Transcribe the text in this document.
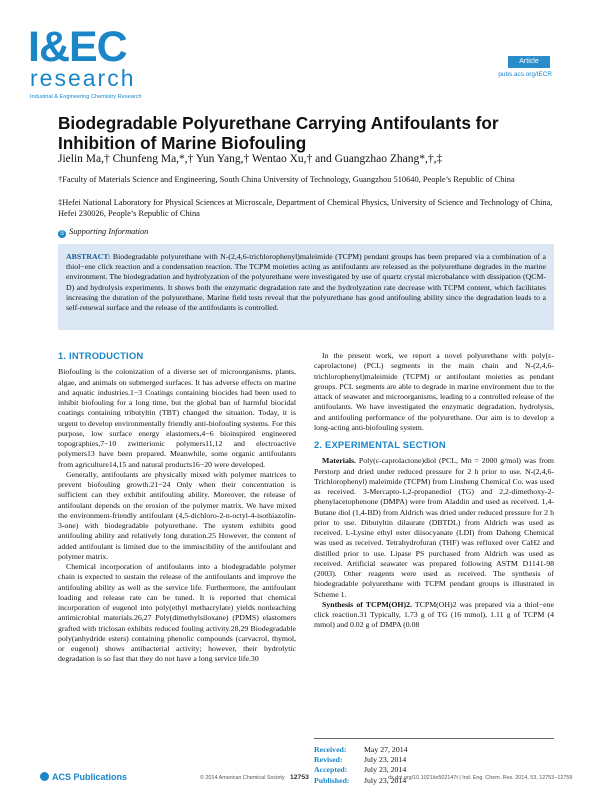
I&EC
research
Industrial & Engineering Chemistry Research
Article
pubs.acs.org/IECR
Biodegradable Polyurethane Carrying Antifoulants for Inhibition of Marine Biofouling
Jielin Ma,† Chunfeng Ma,*,† Yun Yang,† Wentao Xu,† and Guangzhao Zhang*,†,‡
†Faculty of Materials Science and Engineering, South China University of Technology, Guangzhou 510640, People’s Republic of China
‡Hefei National Laboratory for Physical Sciences at Microscale, Department of Chemical Physics, University of Science and Technology of China, Hefei 230026, People’s Republic of China
S Supporting Information
ABSTRACT: Biodegradable polyurethane with N-(2,4,6-trichlorophenyl)maleimide (TCPM) pendant groups has been prepared via a combination of a thiol−ene click reaction and a condensation reaction. The TCPM moieties acting as antifoulants are released as the polyurethane degrades in the marine environment. The biodegradation and hydrolyzation of the polyurethane were investigated by use of quartz crystal microbalance with dissipation (QCM-D) and hydrolysis experiments. It shows both the enzymatic degradation rate and the hydrolyzation rate decrease with TCPM content, which facilitates increasing the duration of the polyurethane. Marine field tests reveal that the polyurethane has good antifouling ability since the degradation leads to a self-renewal surface and the release of the antifoulants is controlled.
1. INTRODUCTION

Biofouling is the colonization of a diverse set of microorganisms, plants, algae, and animals on submerged surfaces. It has adverse effects on marine and aquatic industries.1−3 Coatings containing biocides had been used to inhibit biofouling for a long time, but the global ban of harmful biocidal coatings containing tributyltin (TBT) changed the situation. Today, it is urgent to develop environmentally friendly anti-biofouling systems. For this purpose, low surface energy elastomers,4−6 bioinspired engineered topographies,7−10 zwitterionic polymers11,12 and electroactive polymers13 have been prepared. Meanwhile, some organic antifoulants from agriculture14,15 and natural products16−20 were developed.

Generally, antifoulants are physically mixed with polymer matrices to prevent biofouling growth.21−24 Only when their concentration is sufficient can they exhibit antifouling ability. Moreover, the release of antifoulant depends on the erosion of the polymer matrix. We have mixed the environment-friendly antifoulant (4,5-dichloro-2-n-octyl-4-isothiazolin-3-one) with biodegradable polyurethane. The system exhibits good antifouling ability and relatively long duration.25 However, the content of added antifoulant is limited due to the immiscibility of the antifoulant and polymer matrix.

Chemical incorporation of antifoulants into a biodegradable polymer chain is expected to sustain the release of the antifoulants and improve the antifouling ability as well as the service life. Furthermore, the antifoulant loading and release rate can be tuned. It is reported that chemical incorporation of eugenol into poly(ethyl methacrylate) yields nonleaching antimicrobial materials.26,27 Poly(dimethylsiloxane) (PDMS) elastomers grafted with triclosan exhibits reduced fouling activity.28,29 Biodegradable poly(anhydride esters) containing phenolic compounds (carvacrol, thymol, or eugenol) shows antibacterial activity; however, their hydrolytic degradation is so fast that they do not have a long service life.30

In the present work, we report a novel polyurethane with poly(ε-caprolactone) (PCL) segments in the main chain and N-(2,4,6-trichlorophenyl)maleimide (TCPM) or antifoulant moieties as pendant groups. PCL segments are able to degrade in marine environment due to the attack of seawater and microorganisms, leading to a controlled release of the antifoulants. We have investigated the enzymatic degradation, hydrolysis, and antifouling performance of the polyurethane. Our aim is to develop a long-acting anti-biofouling system.

2. EXPERIMENTAL SECTION

Materials. Poly(ε-caprolactone)diol (PCL, Mn = 2000 g/mol) was from Perstorp and dried under reduced pressure for 2 h prior to use. N-(2,4,6-Trichlorophenyl) maleimide (TCPM) from Linsheng Chemical Co. was used as received. 3-Mercapto-1,2-propanediol (TG) and 2,2-dimethoxy-2-phenylacetophenone (DMPA) were from Aladdin and used as received. 1,4-Butane diol (1,4-BD) from Aldrich was dried under reduced pressure for 2 h prior to use. Dibutyltin dilaurate (DBTDL) from Aldrich was used as received. L-Lysine ethyl ester diisocyanate (LDI) from Dahong Chemical was used as received. Tetrahydrofuran (THF) was refluxed over CaH2 and distilled prior to use. Lipase PS purchased from Aldrich was used as received. Artificial seawater was prepared following ASTM D1141-98 (2003). Other reagents were used as received. The synthesis of biodegradable polyurethane with TCPM pendant groups is illustrated in Scheme 1.

Synthesis of TCPM(OH)2. TCPM(OH)2 was prepared via a thiol−ene click reaction.31 Typically, 1.73 g of TG (16 mmol), 1.11 g of TCPM (4 mmol) and 0.02 g of DMPA (0.08

Received:	May 27, 2014
Revised:	July 23, 2014
Accepted:	July 23, 2014
Published:	July 23, 2014
ACS Publications	© 2014 American Chemical Society 12753	dx.doi.org/10.1021/ie502147t | Ind. Eng. Chem. Res. 2014, 53, 12753−12759
